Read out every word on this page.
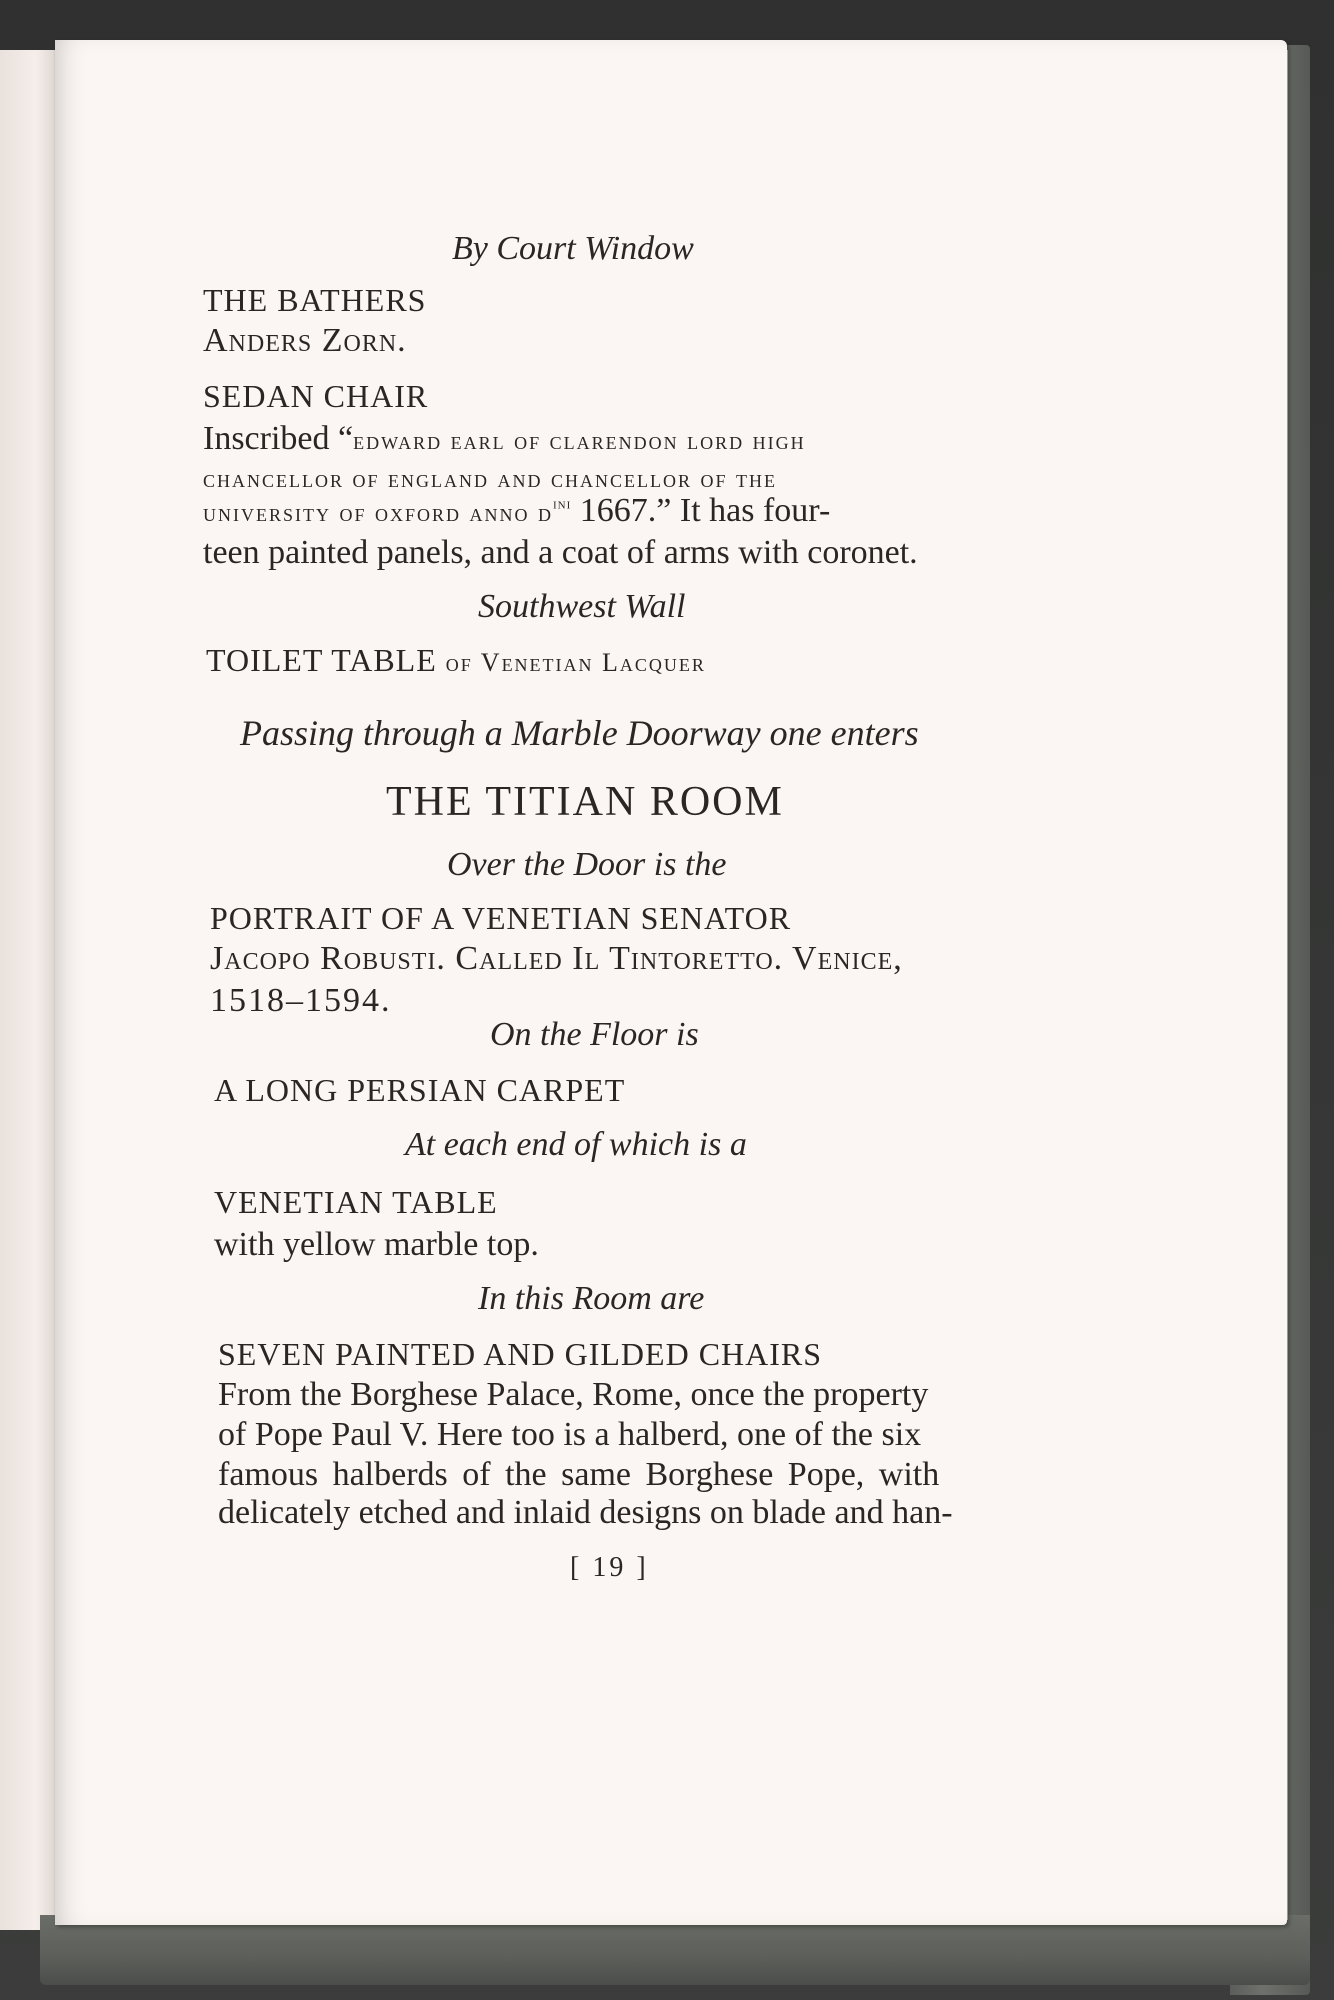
By Court Window
THE BATHERS
Anders Zorn.
SEDAN CHAIR
Inscribed “edward earl of clarendon lord high
chancellor of england and chancellor of the
university of oxford anno $d^{ini}$ 1667.” It has four-
teen painted panels, and a coat of arms with coronet.
Southwest Wall
TOILET TABLE of Venetian Lacquer
Passing through a Marble Doorway one enters
THE TITIAN ROOM
Over the Door is the
PORTRAIT OF A VENETIAN SENATOR
Jacopo Robusti. Called Il Tintoretto. Venice,
1518–1594.
On the Floor is
A LONG PERSIAN CARPET
At each end of which is a
VENETIAN TABLE
with yellow marble top.
In this Room are
SEVEN PAINTED AND GILDED CHAIRS
From the Borghese Palace, Rome, once the property
of Pope Paul V. Here too is a halberd, one of the six
famous halberds of the same Borghese Pope, with
delicately etched and inlaid designs on blade and han-
[ 19 ]
